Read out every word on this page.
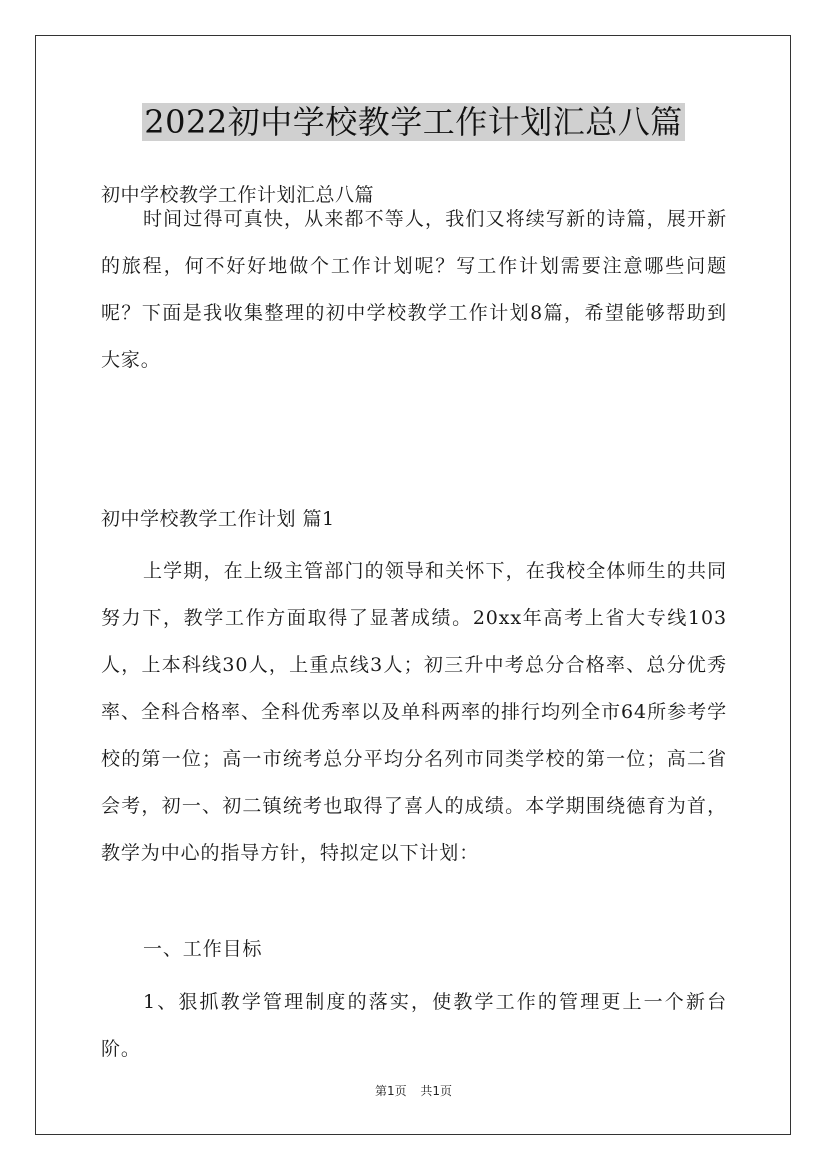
2022初中学校教学工作计划汇总八篇
初中学校教学工作计划汇总八篇
时间过得可真快，从来都不等人，我们又将续写新的诗篇，展开新的旅程，何不好好地做个工作计划呢？写工作计划需要注意哪些问题呢？下面是我收集整理的初中学校教学工作计划8篇，希望能够帮助到大家。
初中学校教学工作计划 篇1
上学期，在上级主管部门的领导和关怀下，在我校全体师生的共同努力下，教学工作方面取得了显著成绩。20xx年高考上省大专线103人，上本科线30人，上重点线3人；初三升中考总分合格率、总分优秀率、全科合格率、全科优秀率以及单科两率的排行均列全市64所参考学校的第一位；高一市统考总分平均分名列市同类学校的第一位；高二省会考，初一、初二镇统考也取得了喜人的成绩。本学期围绕德育为首，教学为中心的指导方针，特拟定以下计划：
一、工作目标
1、狠抓教学管理制度的落实，使教学工作的管理更上一个新台阶。
第1页 共1页
